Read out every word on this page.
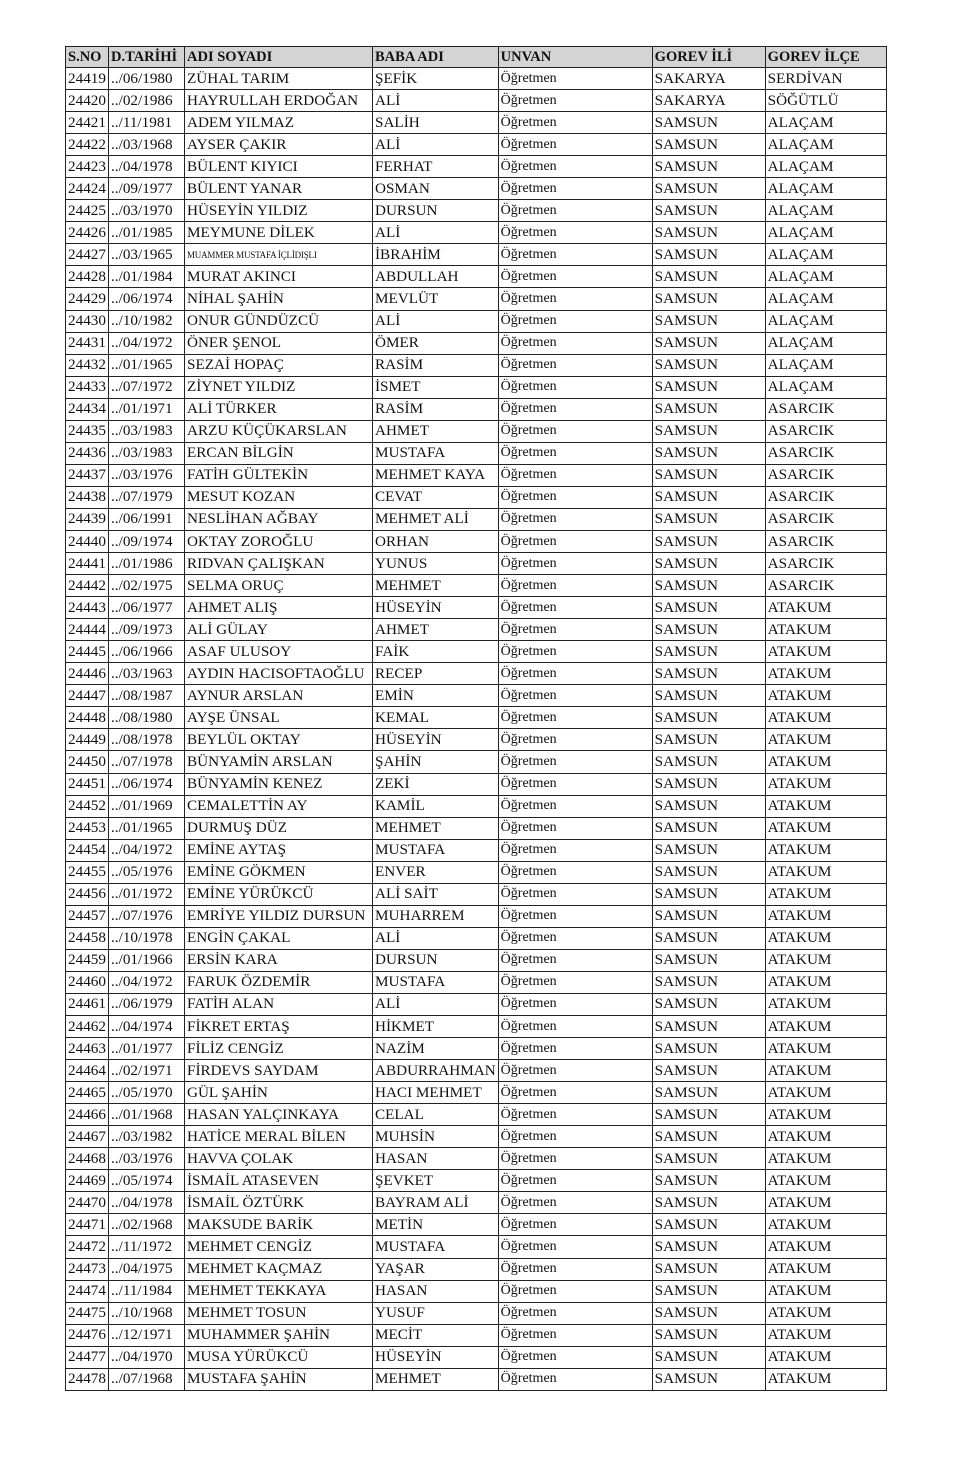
S.NO	D.TARİHİ	ADI SOYADI	BABA ADI	UNVAN	GOREV İLİ	GOREV İLÇE
24419	../06/1980	ZÜHAL TARIM	ŞEFİK	Öğretmen	SAKARYA	SERDİVAN
24420	../02/1986	HAYRULLAH ERDOĞAN	ALİ	Öğretmen	SAKARYA	SÖĞÜTLÜ
24421	../11/1981	ADEM YILMAZ	SALİH	Öğretmen	SAMSUN	ALAÇAM
24422	../03/1968	AYSER ÇAKIR	ALİ	Öğretmen	SAMSUN	ALAÇAM
24423	../04/1978	BÜLENT KIYICI	FERHAT	Öğretmen	SAMSUN	ALAÇAM
24424	../09/1977	BÜLENT YANAR	OSMAN	Öğretmen	SAMSUN	ALAÇAM
24425	../03/1970	HÜSEYİN YILDIZ	DURSUN	Öğretmen	SAMSUN	ALAÇAM
24426	../01/1985	MEYMUNE DİLEK	ALİ	Öğretmen	SAMSUN	ALAÇAM
24427	../03/1965	MUAMMER MUSTAFA İÇLİDIŞLI	İBRAHİM	Öğretmen	SAMSUN	ALAÇAM
24428	../01/1984	MURAT AKINCI	ABDULLAH	Öğretmen	SAMSUN	ALAÇAM
24429	../06/1974	NİHAL ŞAHİN	MEVLÜT	Öğretmen	SAMSUN	ALAÇAM
24430	../10/1982	ONUR GÜNDÜZCÜ	ALİ	Öğretmen	SAMSUN	ALAÇAM
24431	../04/1972	ÖNER ŞENOL	ÖMER	Öğretmen	SAMSUN	ALAÇAM
24432	../01/1965	SEZAİ HOPAÇ	RASİM	Öğretmen	SAMSUN	ALAÇAM
24433	../07/1972	ZİYNET YILDIZ	İSMET	Öğretmen	SAMSUN	ALAÇAM
24434	../01/1971	ALİ TÜRKER	RASİM	Öğretmen	SAMSUN	ASARCIK
24435	../03/1983	ARZU KÜÇÜKARSLAN	AHMET	Öğretmen	SAMSUN	ASARCIK
24436	../03/1983	ERCAN BİLGİN	MUSTAFA	Öğretmen	SAMSUN	ASARCIK
24437	../03/1976	FATİH GÜLTEKİN	MEHMET KAYA	Öğretmen	SAMSUN	ASARCIK
24438	../07/1979	MESUT KOZAN	CEVAT	Öğretmen	SAMSUN	ASARCIK
24439	../06/1991	NESLİHAN AĞBAY	MEHMET ALİ	Öğretmen	SAMSUN	ASARCIK
24440	../09/1974	OKTAY ZOROĞLU	ORHAN	Öğretmen	SAMSUN	ASARCIK
24441	../01/1986	RIDVAN ÇALIŞKAN	YUNUS	Öğretmen	SAMSUN	ASARCIK
24442	../02/1975	SELMA ORUÇ	MEHMET	Öğretmen	SAMSUN	ASARCIK
24443	../06/1977	AHMET ALIŞ	HÜSEYİN	Öğretmen	SAMSUN	ATAKUM
24444	../09/1973	ALİ GÜLAY	AHMET	Öğretmen	SAMSUN	ATAKUM
24445	../06/1966	ASAF ULUSOY	FAİK	Öğretmen	SAMSUN	ATAKUM
24446	../03/1963	AYDIN HACISOFTAOĞLU	RECEP	Öğretmen	SAMSUN	ATAKUM
24447	../08/1987	AYNUR ARSLAN	EMİN	Öğretmen	SAMSUN	ATAKUM
24448	../08/1980	AYŞE ÜNSAL	KEMAL	Öğretmen	SAMSUN	ATAKUM
24449	../08/1978	BEYLÜL OKTAY	HÜSEYİN	Öğretmen	SAMSUN	ATAKUM
24450	../07/1978	BÜNYAMİN ARSLAN	ŞAHİN	Öğretmen	SAMSUN	ATAKUM
24451	../06/1974	BÜNYAMİN KENEZ	ZEKİ	Öğretmen	SAMSUN	ATAKUM
24452	../01/1969	CEMALETTİN AY	KAMİL	Öğretmen	SAMSUN	ATAKUM
24453	../01/1965	DURMUŞ DÜZ	MEHMET	Öğretmen	SAMSUN	ATAKUM
24454	../04/1972	EMİNE AYTAŞ	MUSTAFA	Öğretmen	SAMSUN	ATAKUM
24455	../05/1976	EMİNE GÖKMEN	ENVER	Öğretmen	SAMSUN	ATAKUM
24456	../01/1972	EMİNE YÜRÜKCÜ	ALİ SAİT	Öğretmen	SAMSUN	ATAKUM
24457	../07/1976	EMRİYE YILDIZ DURSUN	MUHARREM	Öğretmen	SAMSUN	ATAKUM
24458	../10/1978	ENGİN ÇAKAL	ALİ	Öğretmen	SAMSUN	ATAKUM
24459	../01/1966	ERSİN KARA	DURSUN	Öğretmen	SAMSUN	ATAKUM
24460	../04/1972	FARUK ÖZDEMİR	MUSTAFA	Öğretmen	SAMSUN	ATAKUM
24461	../06/1979	FATİH ALAN	ALİ	Öğretmen	SAMSUN	ATAKUM
24462	../04/1974	FİKRET ERTAŞ	HİKMET	Öğretmen	SAMSUN	ATAKUM
24463	../01/1977	FİLİZ CENGİZ	NAZİM	Öğretmen	SAMSUN	ATAKUM
24464	../02/1971	FİRDEVS SAYDAM	ABDURRAHMAN	Öğretmen	SAMSUN	ATAKUM
24465	../05/1970	GÜL ŞAHİN	HACI MEHMET	Öğretmen	SAMSUN	ATAKUM
24466	../01/1968	HASAN YALÇINKAYA	CELAL	Öğretmen	SAMSUN	ATAKUM
24467	../03/1982	HATİCE MERAL BİLEN	MUHSİN	Öğretmen	SAMSUN	ATAKUM
24468	../03/1976	HAVVA ÇOLAK	HASAN	Öğretmen	SAMSUN	ATAKUM
24469	../05/1974	İSMAİL ATASEVEN	ŞEVKET	Öğretmen	SAMSUN	ATAKUM
24470	../04/1978	İSMAİL ÖZTÜRK	BAYRAM ALİ	Öğretmen	SAMSUN	ATAKUM
24471	../02/1968	MAKSUDE BARİK	METİN	Öğretmen	SAMSUN	ATAKUM
24472	../11/1972	MEHMET CENGİZ	MUSTAFA	Öğretmen	SAMSUN	ATAKUM
24473	../04/1975	MEHMET KAÇMAZ	YAŞAR	Öğretmen	SAMSUN	ATAKUM
24474	../11/1984	MEHMET TEKKAYA	HASAN	Öğretmen	SAMSUN	ATAKUM
24475	../10/1968	MEHMET TOSUN	YUSUF	Öğretmen	SAMSUN	ATAKUM
24476	../12/1971	MUHAMMER ŞAHİN	MECİT	Öğretmen	SAMSUN	ATAKUM
24477	../04/1970	MUSA YÜRÜKCÜ	HÜSEYİN	Öğretmen	SAMSUN	ATAKUM
24478	../07/1968	MUSTAFA ŞAHİN	MEHMET	Öğretmen	SAMSUN	ATAKUM
